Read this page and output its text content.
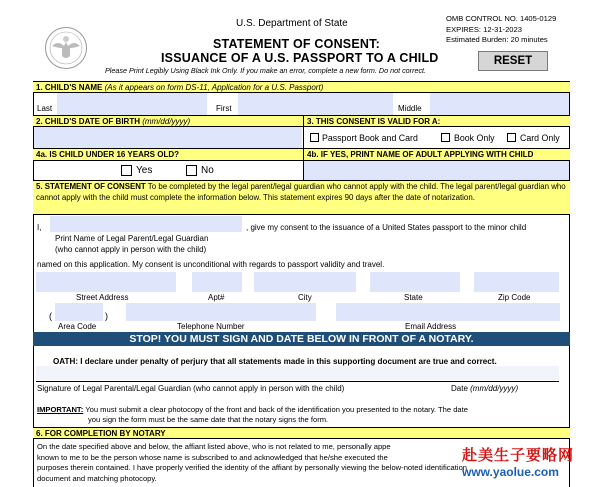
U.S. Department of State
STATEMENT OF CONSENT:
ISSUANCE OF A U.S. PASSPORT TO A CHILD
Please Print Legibly Using Black Ink Only. If you make an error, complete a new form. Do not correct.
OMB CONTROL NO. 1405-0129
EXPIRES: 12-31-2023
Estimated Burden: 20 minutes
RESET
1. CHILD'S NAME (As it appears on form DS-11, Application for a U.S. Passport)
Last	First	Middle
2. CHILD'S DATE OF BIRTH (mm/dd/yyyy)	3. THIS CONSENT IS VALID FOR A:
Passport Book and Card	Book Only	Card Only
4a. IS CHILD UNDER 16 YEARS OLD?	4b. IF YES, PRINT NAME OF ADULT APPLYING WITH CHILD
Yes	No
5. STATEMENT OF CONSENT To be completed by the legal parent/legal guardian who cannot apply with the child. The legal parent/legal guardian who cannot apply with the child must complete the information below. This statement expires 90 days after the date of notarization.
I,	, give my consent to the issuance of a United States passport to the minor child
Print Name of Legal Parent/Legal Guardian
(who cannot apply in person with the child)
named on this application. My consent is unconditional with regards to passport validity and travel.
Street Address	Apt#	City	State	Zip Code
(	)
Area Code	Telephone Number	Email Address
STOP! YOU MUST SIGN AND DATE BELOW IN FRONT OF A NOTARY.
OATH: I declare under penalty of perjury that all statements made in this supporting document are true and correct.
Signature of Legal Parental/Legal Guardian (who cannot apply in person with the child)	Date (mm/dd/yyyy)
IMPORTANT: You must submit a clear photocopy of the front and back of the identification you presented to the notary. The date
you sign the form must be the same date that the notary signs the form.
6. FOR COMPLETION BY NOTARY
On the date specified above and below, the affiant listed above, who is not related to me, personally appe
known to me to be the person whose name is subscribed to and acknowledged that he/she executed the
purposes therein contained. I have properly verified the identity of the affiant by personally viewing the below-noted identification
document and matching photocopy.
赴美生子要略网
www.yaolue.com
